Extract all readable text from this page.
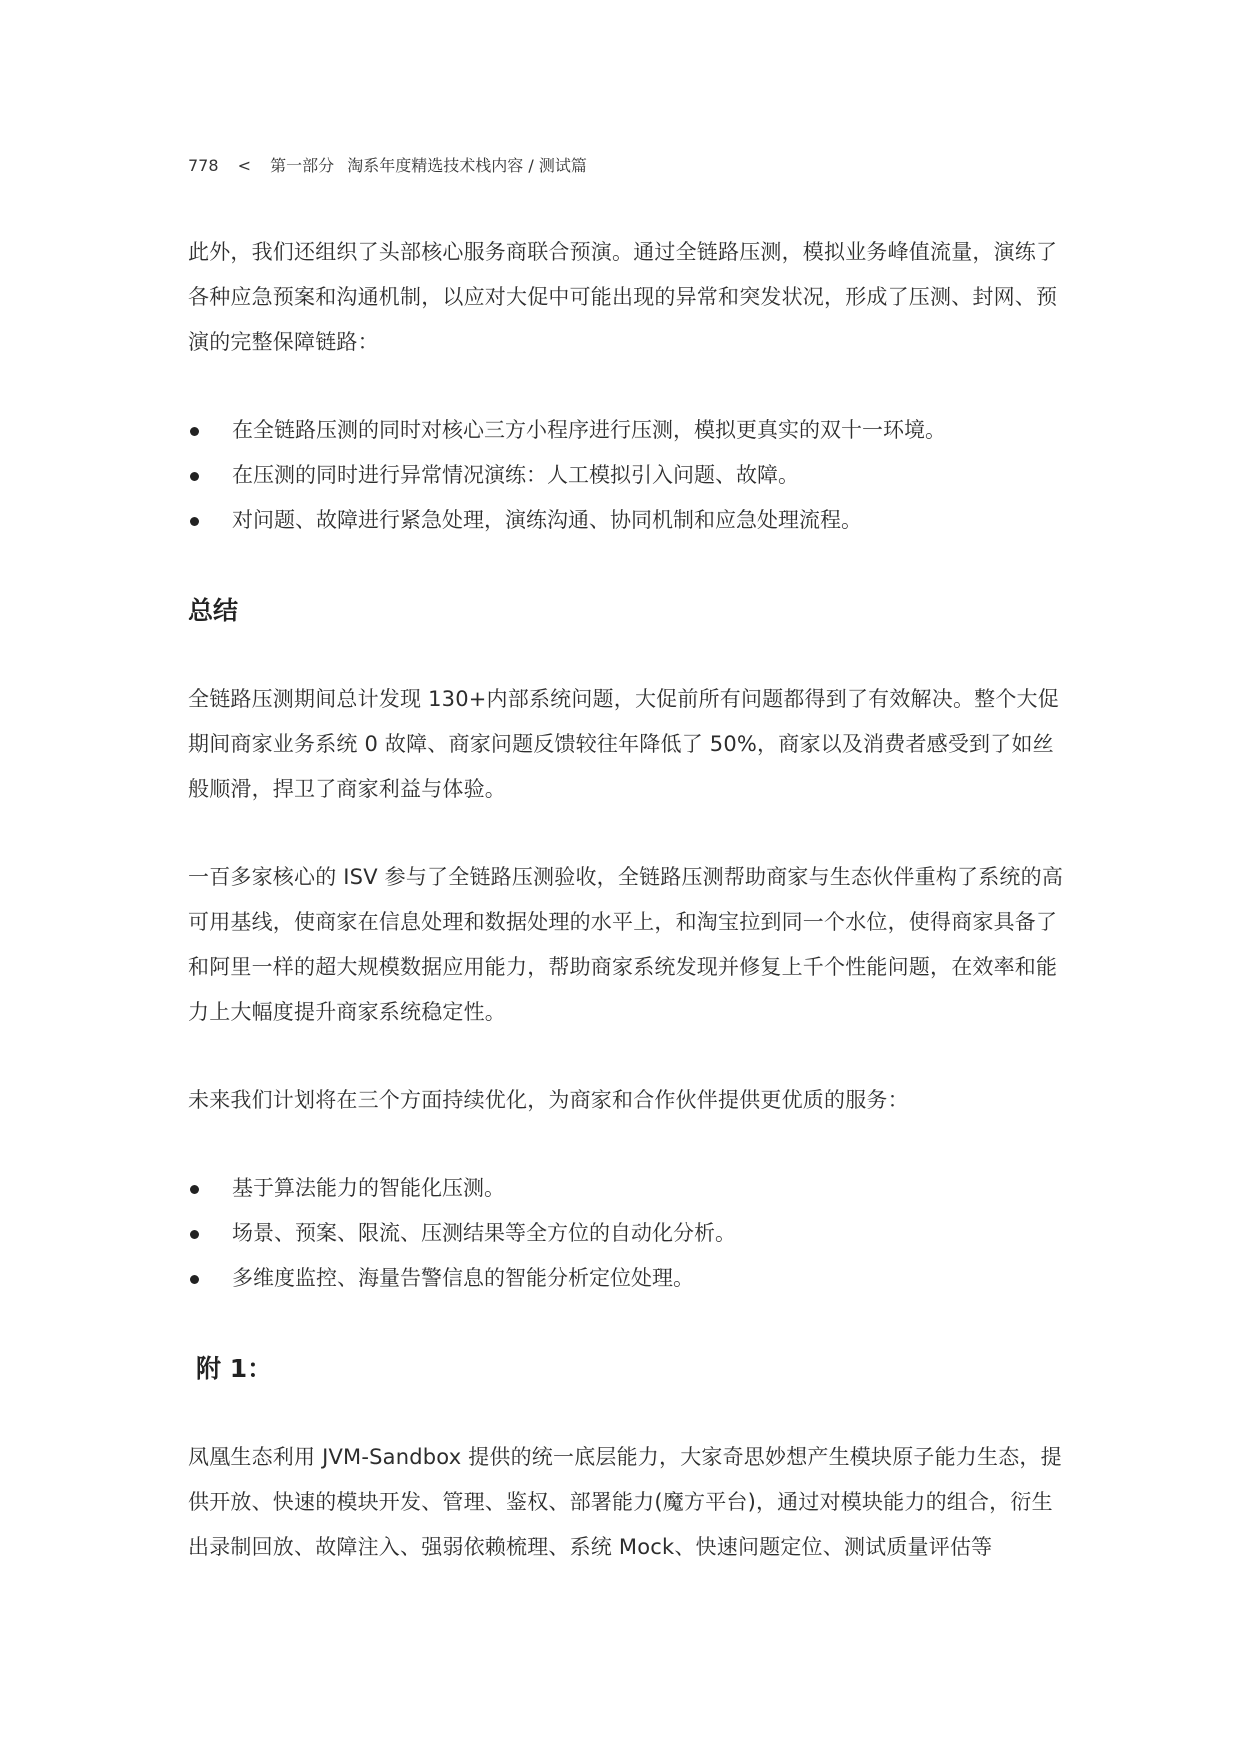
778 < 第一部分 淘系年度精选技术栈内容 / 测试篇

此外，我们还组织了头部核心服务商联合预演。通过全链路压测，模拟业务峰值流量，演练了各种应急预案和沟通机制，以应对大促中可能出现的异常和突发状况，形成了压测、封网、预演的完整保障链路：

在全链路压测的同时对核心三方小程序进行压测，模拟更真实的双十一环境。
在压测的同时进行异常情况演练：人工模拟引入问题、故障。
对问题、故障进行紧急处理，演练沟通、协同机制和应急处理流程。
总结

全链路压测期间总计发现 130+内部系统问题，大促前所有问题都得到了有效解决。整个大促期间商家业务系统 0 故障、商家问题反馈较往年降低了 50%，商家以及消费者感受到了如丝般顺滑，捍卫了商家利益与体验。

一百多家核心的 ISV 参与了全链路压测验收，全链路压测帮助商家与生态伙伴重构了系统的高可用基线，使商家在信息处理和数据处理的水平上，和淘宝拉到同一个水位，使得商家具备了和阿里一样的超大规模数据应用能力，帮助商家系统发现并修复上千个性能问题，在效率和能力上大幅度提升商家系统稳定性。

未来我们计划将在三个方面持续优化，为商家和合作伙伴提供更优质的服务：

基于算法能力的智能化压测。
场景、预案、限流、压测结果等全方位的自动化分析。
多维度监控、海量告警信息的智能分析定位处理。
附 1：

凤凰生态利用 JVM-Sandbox 提供的统一底层能力，大家奇思妙想产生模块原子能力生态，提供开放、快速的模块开发、管理、鉴权、部署能力(魔方平台)，通过对模块能力的组合，衍生出录制回放、故障注入、强弱依赖梳理、系统 Mock、快速问题定位、测试质量评估等
